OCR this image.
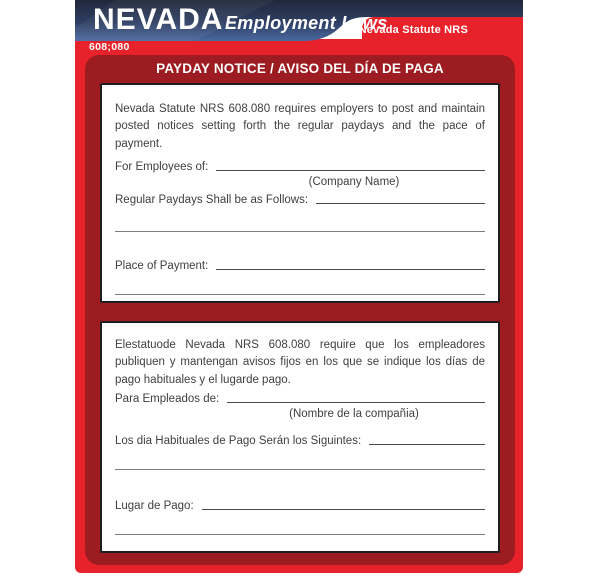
NEVADA Employment Laws
Nevada Statute NRS
608;080
PAYDAY NOTICE / AVISO DEL DÍA DE PAGA

Nevada Statute NRS 608.080 requires employers to post and maintain posted notices setting forth the regular paydays and the pace of payment.

For Employees of:
(Company Name)
Regular Paydays Shall be as Follows:
Place of Payment:

Elestatuode Nevada NRS 608.080 require que los empleadores publiquen y mantengan avisos fijos en los que se indique los días de pago habituales y el lugarde pago.

Para Empleados de:
(Nombre de la compañia)
Los dia Habituales de Pago Serán los Siguintes:
Lugar de Pago:
